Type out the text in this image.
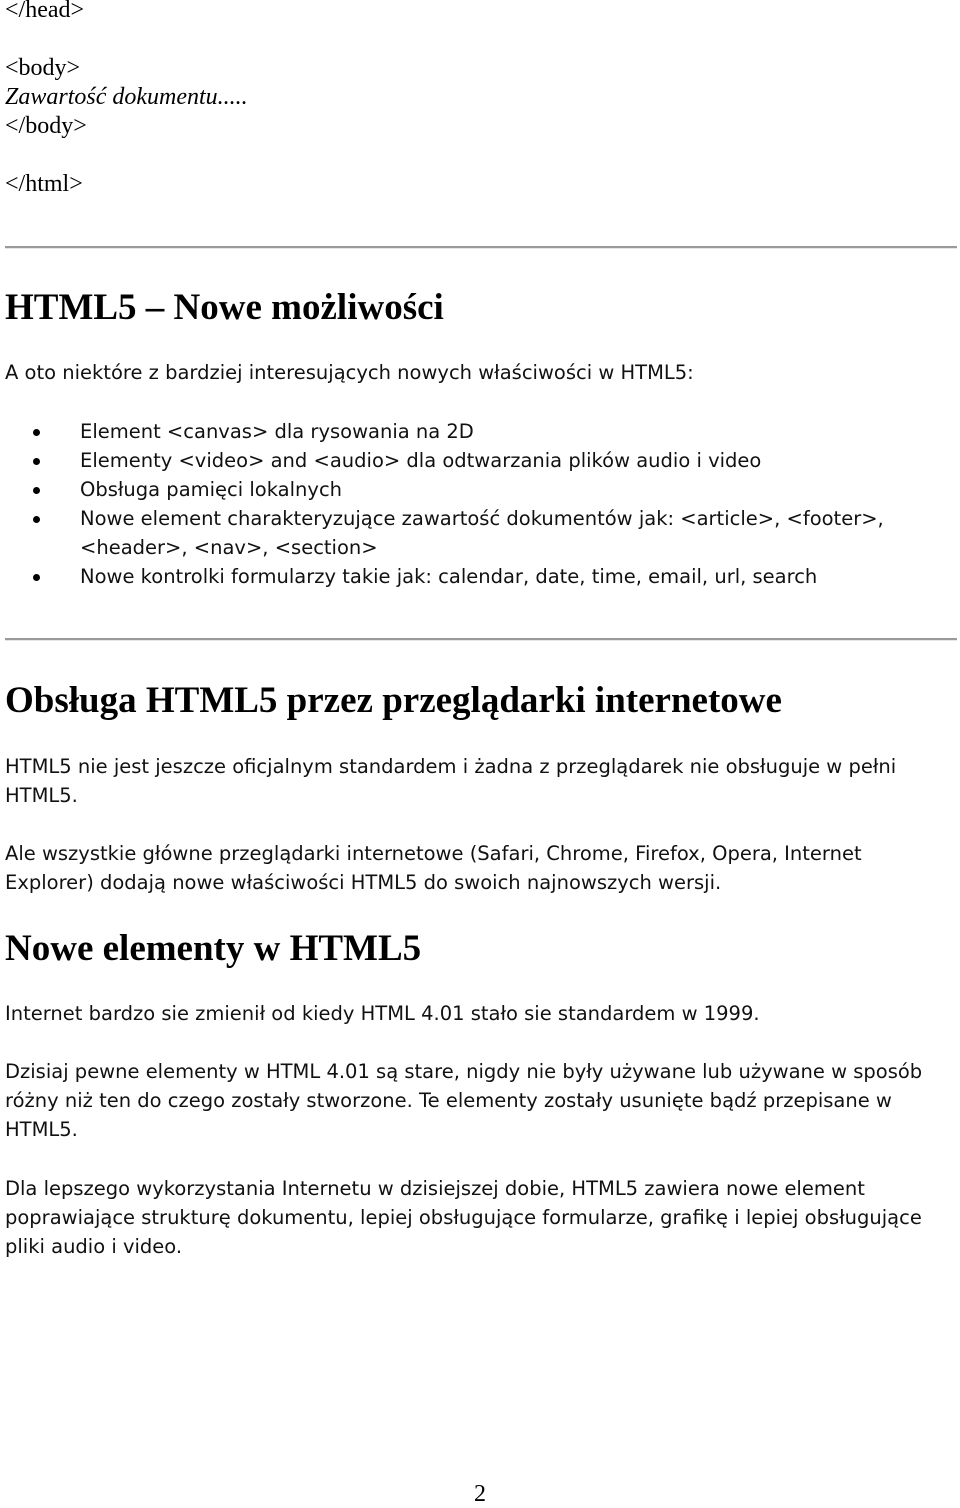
</head>

<body>

Zawartość dokumentu.....

</body>

</html>

HTML5 – Nowe możliwości

A oto niektóre z bardziej interesujących nowych właściwości w HTML5:

Element <canvas> dla rysowania na 2D
Elementy <video> and <audio> dla odtwarzania plików audio i video
Obsługa pamięci lokalnych
Nowe element charakteryzujące zawartość dokumentów jak: <article>, <footer>, <header>, <nav>, <section>
Nowe kontrolki formularzy takie jak: calendar, date, time, email, url, search
Obsługa HTML5 przez przeglądarki internetowe

HTML5 nie jest jeszcze oficjalnym standardem i żadna z przeglądarek nie obsługuje w pełni HTML5.

Ale wszystkie główne przeglądarki internetowe (Safari, Chrome, Firefox, Opera, Internet Explorer) dodają nowe właściwości HTML5 do swoich najnowszych wersji.

Nowe elementy w HTML5

Internet bardzo sie zmienił od kiedy HTML 4.01 stało sie standardem w 1999.

Dzisiaj pewne elementy w HTML 4.01 są stare, nigdy nie były używane lub używane w sposób różny niż ten do czego zostały stworzone. Te elementy zostały usunięte bądź przepisane w HTML5.

Dla lepszego wykorzystania Internetu w dzisiejszej dobie, HTML5 zawiera nowe element poprawiające strukturę dokumentu, lepiej obsługujące formularze, grafikę i lepiej obsługujące pliki audio i video.

2
